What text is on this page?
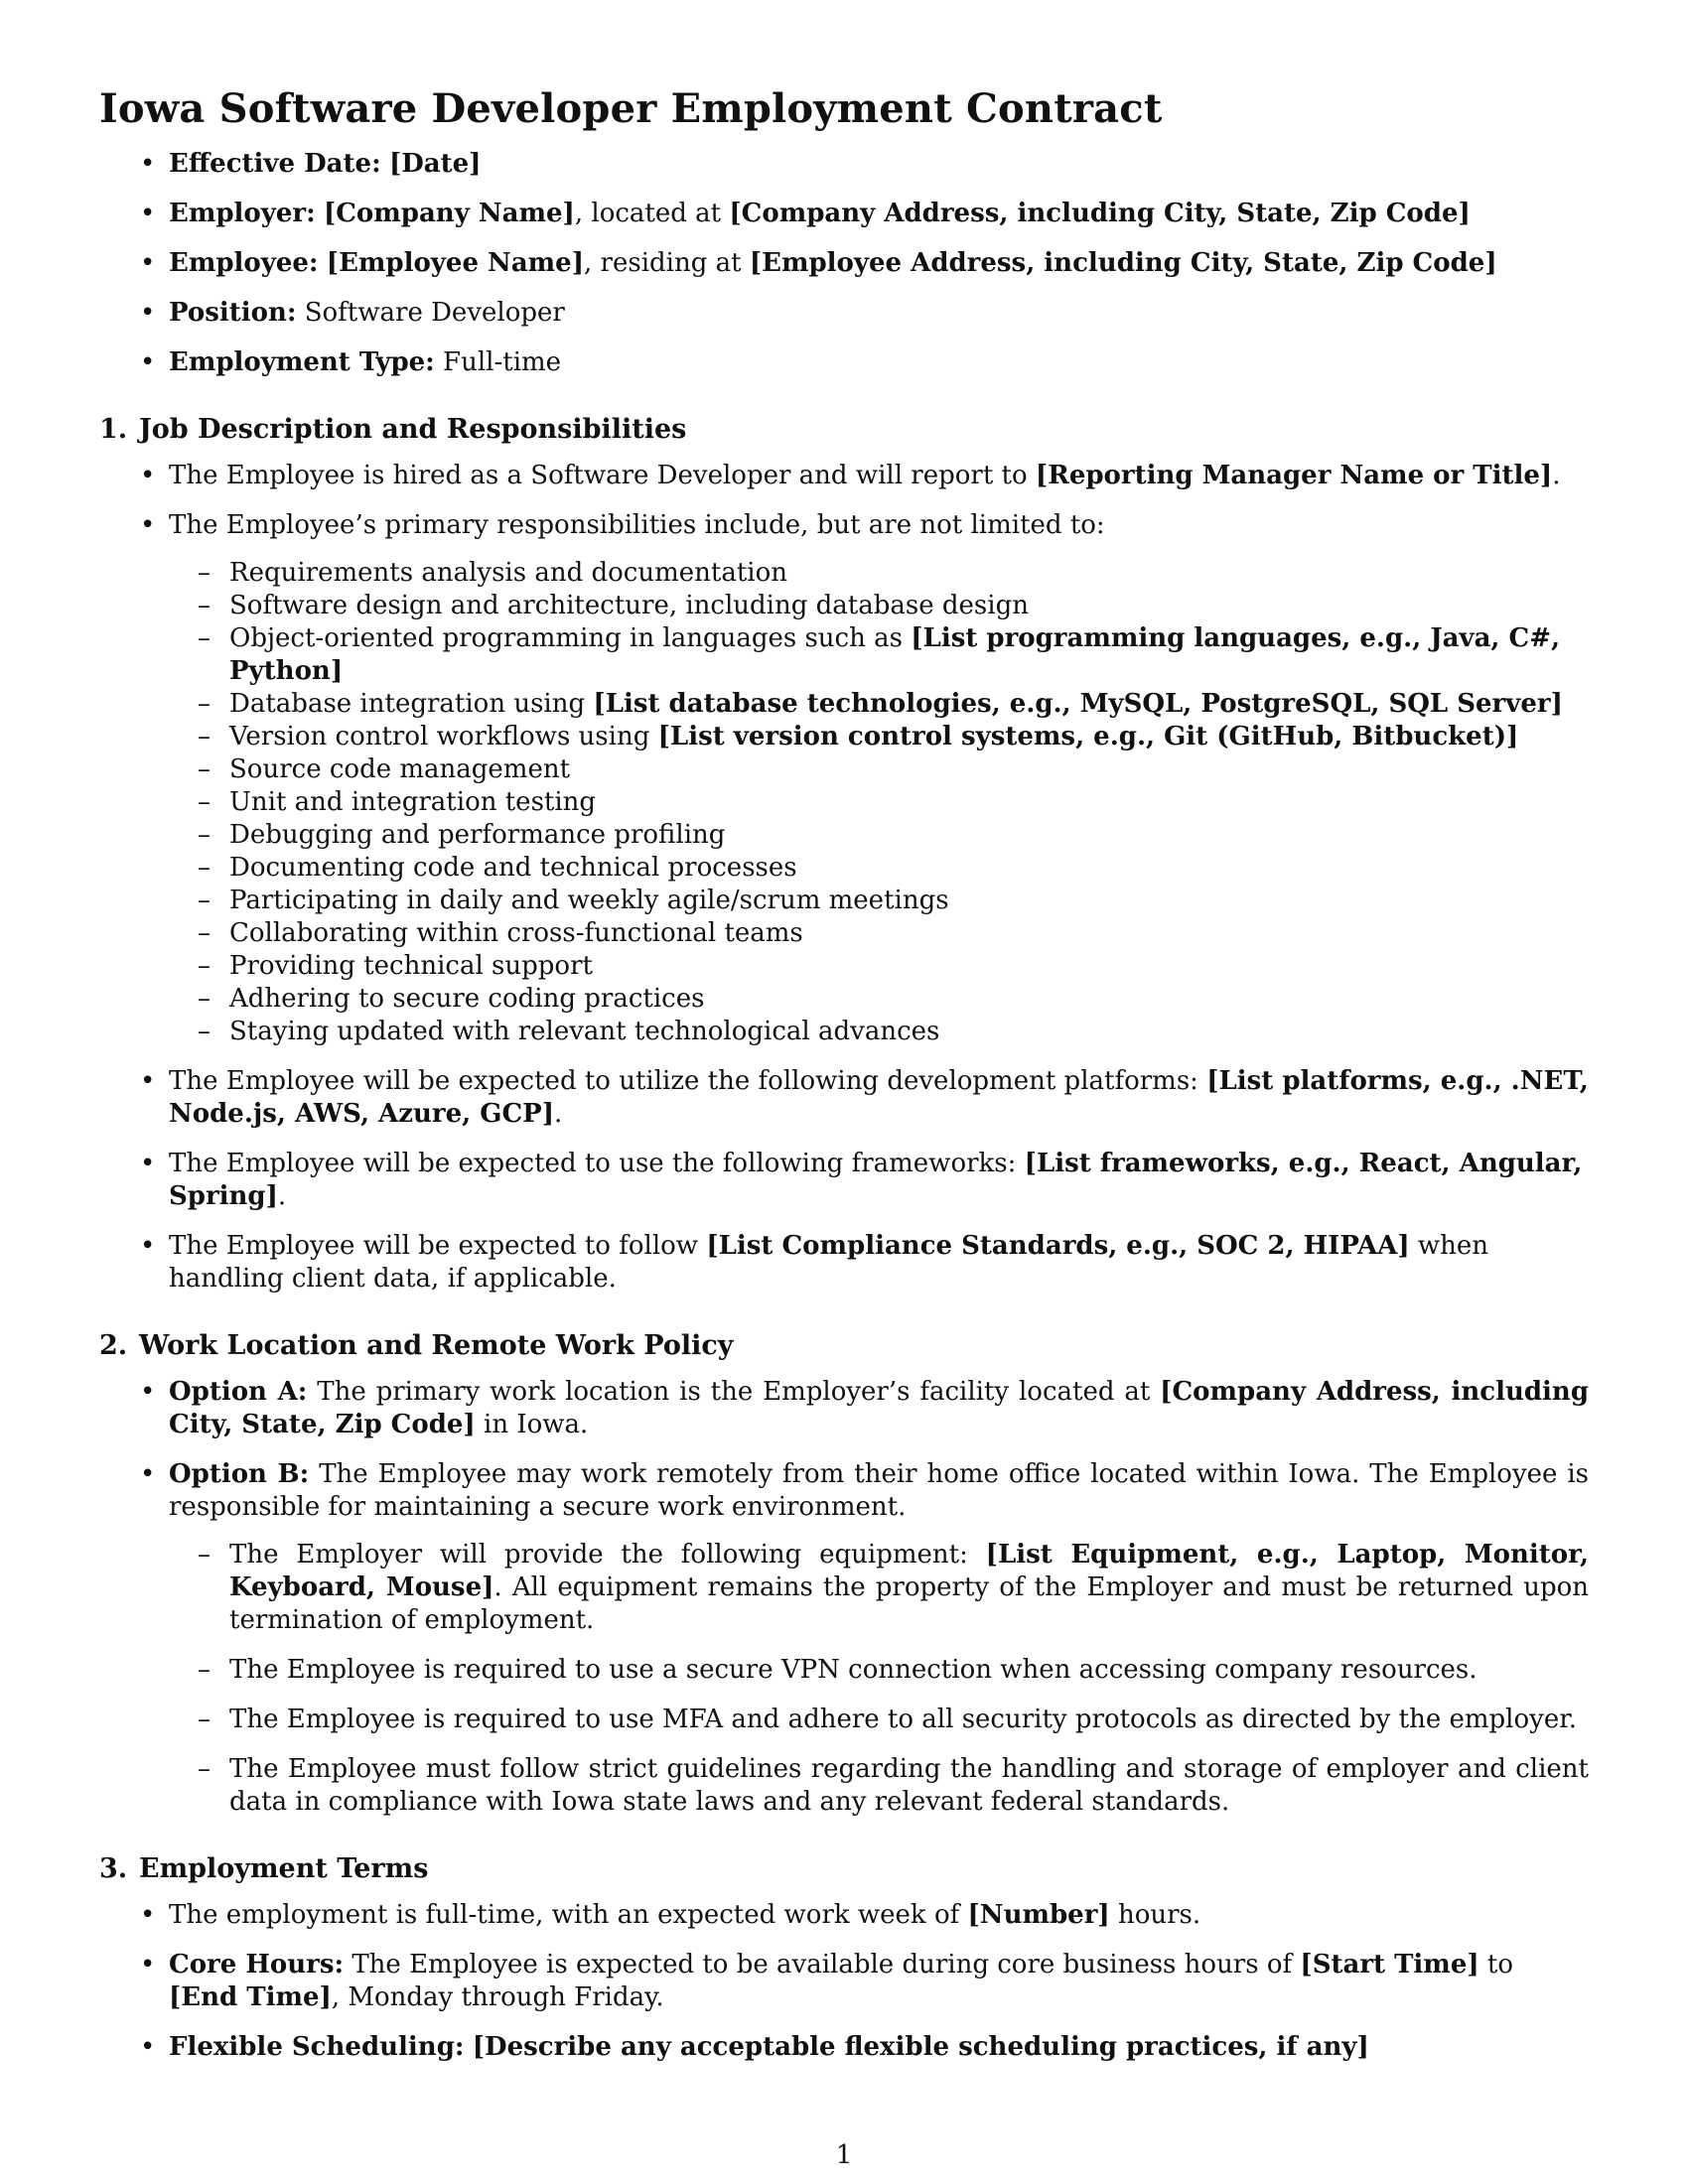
Iowa Software Developer Employment Contract
• Effective Date: [Date]
• Employer: [Company Name], located at [Company Address, including City, State, Zip Code]
• Employee: [Employee Name], residing at [Employee Address, including City, State, Zip Code]
• Position: Software Developer
• Employment Type: Full-time
1. Job Description and Responsibilities
• The Employee is hired as a Software Developer and will report to [Reporting Manager Name or Title].
• The Employee’s primary responsibilities include, but are not limited to:
– Requirements analysis and documentation
– Software design and architecture, including database design
– Object-oriented programming in languages such as [List programming languages, e.g., Java, C#, Python]
– Database integration using [List database technologies, e.g., MySQL, PostgreSQL, SQL Server]
– Version control workflows using [List version control systems, e.g., Git (GitHub, Bitbucket)]
– Source code management
– Unit and integration testing
– Debugging and performance profiling
– Documenting code and technical processes
– Participating in daily and weekly agile/scrum meetings
– Collaborating within cross-functional teams
– Providing technical support
– Adhering to secure coding practices
– Staying updated with relevant technological advances
• The Employee will be expected to utilize the following development platforms: [List platforms, e.g., .NET, Node.js, AWS, Azure, GCP].
• The Employee will be expected to use the following frameworks: [List frameworks, e.g., React, Angular, Spring].
• The Employee will be expected to follow [List Compliance Standards, e.g., SOC 2, HIPAA] when handling client data, if applicable.
2. Work Location and Remote Work Policy
• Option A: The primary work location is the Employer’s facility located at [Company Address, including City, State, Zip Code] in Iowa.
• Option B: The Employee may work remotely from their home office located within Iowa. The Employee is responsible for maintaining a secure work environment.
– The Employer will provide the following equipment: [List Equipment, e.g., Laptop, Monitor, Keyboard, Mouse]. All equipment remains the property of the Employer and must be returned upon termination of employment.
– The Employee is required to use a secure VPN connection when accessing company resources.
– The Employee is required to use MFA and adhere to all security protocols as directed by the employer.
– The Employee must follow strict guidelines regarding the handling and storage of employer and client data in compliance with Iowa state laws and any relevant federal standards.
3. Employment Terms
• The employment is full-time, with an expected work week of [Number] hours.
• Core Hours: The Employee is expected to be available during core business hours of [Start Time] to [End Time], Monday through Friday.
• Flexible Scheduling: [Describe any acceptable flexible scheduling practices, if any]
1
